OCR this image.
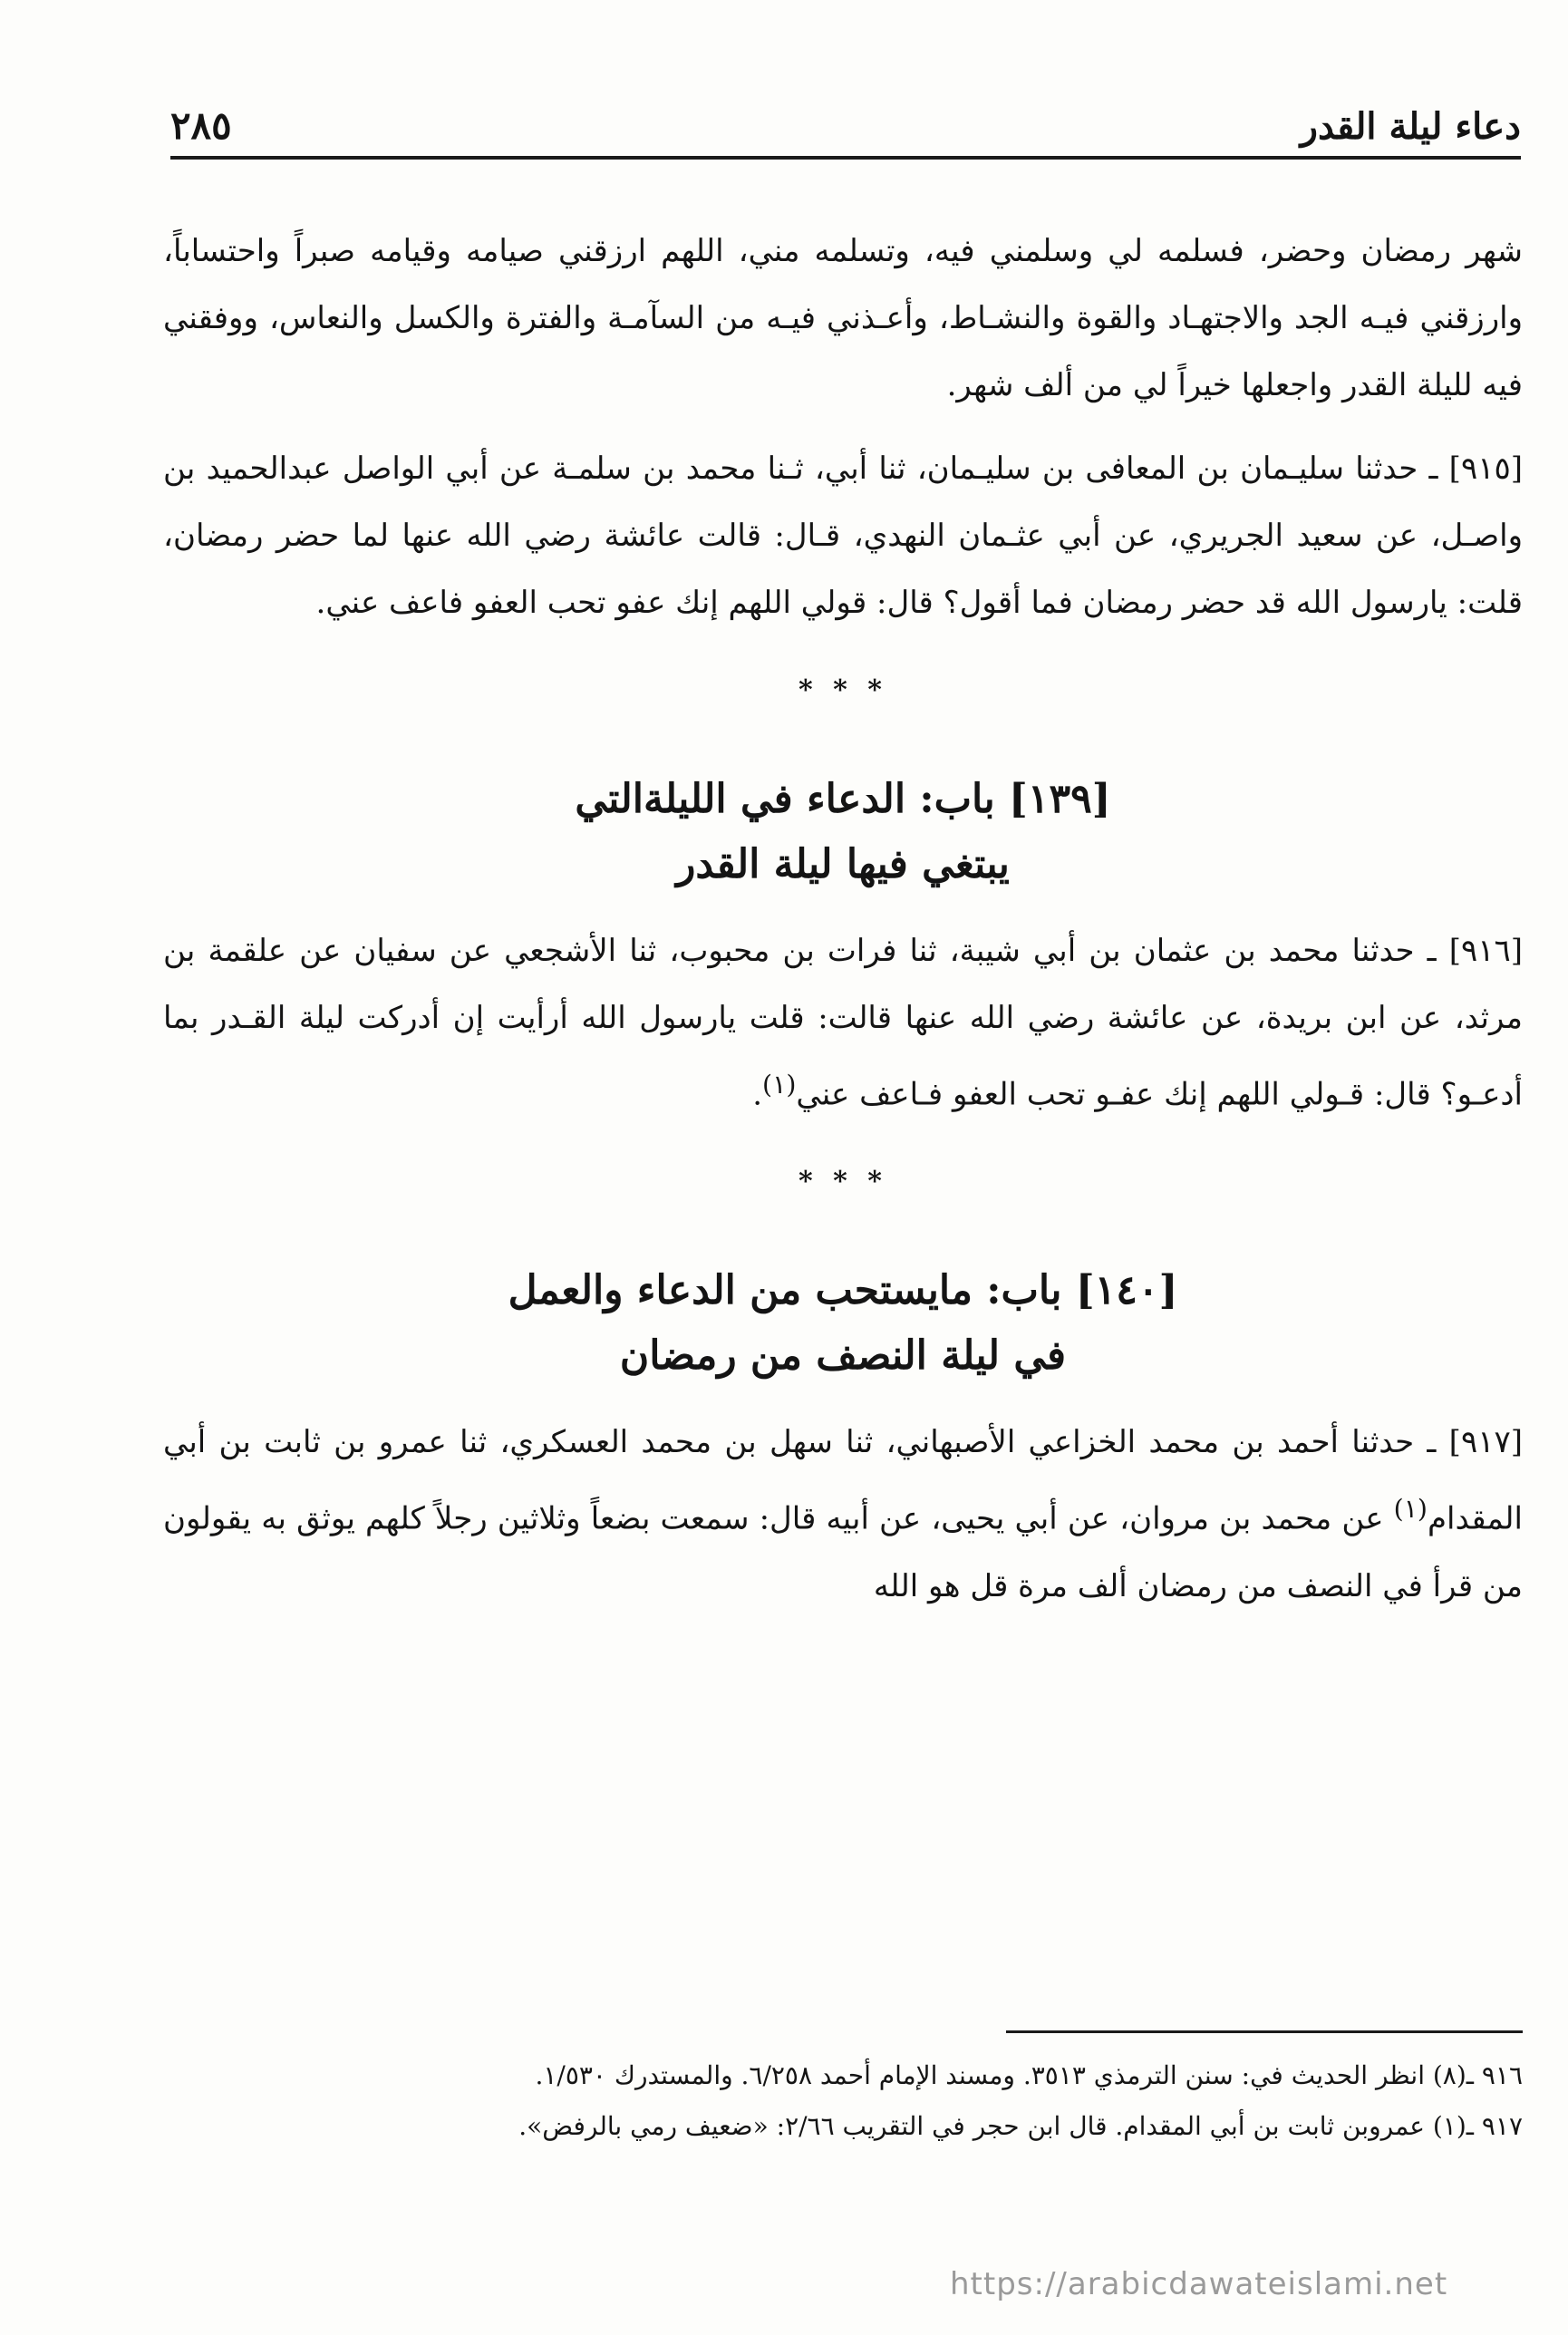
دعاء ليلة القدر
٢٨٥

شهر رمضان وحضر، فسلمه لي وسلمني فيه، وتسلمه مني، اللهم ارزقني صيامه وقيامه صبراً واحتساباً، وارزقني فيـه الجد والاجتهـاد والقوة والنشـاط، وأعـذني فيـه من السآمـة والفترة والكسل والنعاس، ووفقني فيه لليلة القدر واجعلها خيراً لي من ألف شهر.

[٩١٥] ـ حدثنا سليـمان بن المعافى بن سليـمان، ثنا أبي، ثـنا محمد بن سلمـة عن أبي الواصل عبدالحميد بن واصـل، عن سعيد الجريري، عن أبي عثـمان النهدي، قـال: قالت عائشة رضي الله عنها لما حضر رمضان، قلت: يارسول الله قد حضر رمضان فما أقول؟ قال: قولي اللهم إنك عفو تحب العفو فاعف عني.

* * *

[١٣٩] باب: الدعاء في الليلةالتي
يبتغي فيها ليلة القدر

[٩١٦] ـ حدثنا محمد بن عثمان بن أبي شيبة، ثنا فرات بن محبوب، ثنا الأشجعي عن سفيان عن علقمة بن مرثد، عن ابن بريدة، عن عائشة رضي الله عنها قالت: قلت يارسول الله أرأيت إن أدركت ليلة القـدر بما أدعـو؟ قال: قـولي اللهم إنك عفـو تحب العفو فـاعف عني$^{(١)}$.

* * *

[١٤٠] باب: مايستحب من الدعاء والعمل
في ليلة النصف من رمضان

[٩١٧] ـ حدثنا أحمد بن محمد الخزاعي الأصبهاني، ثنا سهل بن محمد العسكري، ثنا عمرو بن ثابت بن أبي المقدام$^{(١)}$ عن محمد بن مروان، عن أبي يحيى، عن أبيه قال: سمعت بضعاً وثلاثين رجلاً كلهم يوثق به يقولون من قرأ في النصف من رمضان ألف مرة قل هو الله

٩١٦ ـ(٨) انظر الحديث في: سنن الترمذي ٣٥١٣. ومسند الإمام أحمد ٦/٢٥٨. والمستدرك ١/٥٣٠.

٩١٧ ـ(١) عمروبن ثابت بن أبي المقدام. قال ابن حجر في التقريب ٢/٦٦: «ضعيف رمي بالرفض».

https://arabicdawateislami.net
